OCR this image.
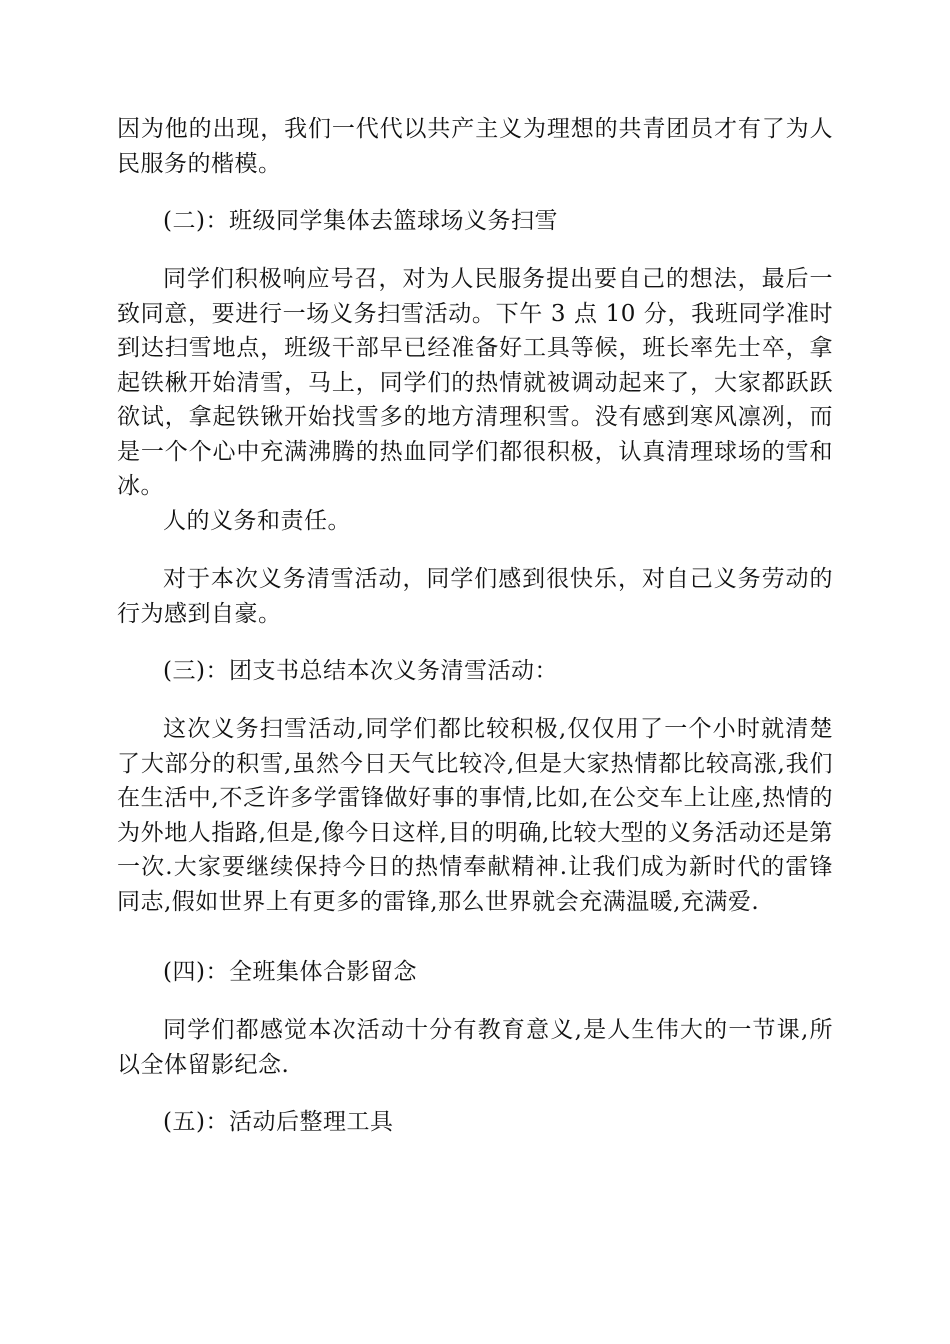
因为他的出现，我们一代代以共产主义为理想的共青团员才有了为人民服务的楷模。

(二)：班级同学集体去篮球场义务扫雪

同学们积极响应号召，对为人民服务提出要自己的想法，最后一致同意，要进行一场义务扫雪活动。下午 3 点 10 分，我班同学准时到达扫雪地点，班级干部早已经准备好工具等候，班长率先士卒，拿起铁楸开始清雪，马上，同学们的热情就被调动起来了，大家都跃跃欲试，拿起铁锹开始找雪多的地方清理积雪。没有感到寒风凛冽，而是一个个心中充满沸腾的热血同学们都很积极，认真清理球场的雪和冰。

人的义务和责任。

对于本次义务清雪活动，同学们感到很快乐，对自己义务劳动的行为感到自豪。

(三)：团支书总结本次义务清雪活动：

这次义务扫雪活动,同学们都比较积极,仅仅用了一个小时就清楚了大部分的积雪,虽然今日天气比较冷,但是大家热情都比较高涨,我们在生活中,不乏许多学雷锋做好事的事情,比如,在公交车上让座,热情的为外地人指路,但是,像今日这样,目的明确,比较大型的义务活动还是第一次.大家要继续保持今日的热情奉献精神.让我们成为新时代的雷锋同志,假如世界上有更多的雷锋,那么世界就会充满温暖,充满爱.

(四)：全班集体合影留念

同学们都感觉本次活动十分有教育意义,是人生伟大的一节课,所以全体留影纪念.

(五)：活动后整理工具
